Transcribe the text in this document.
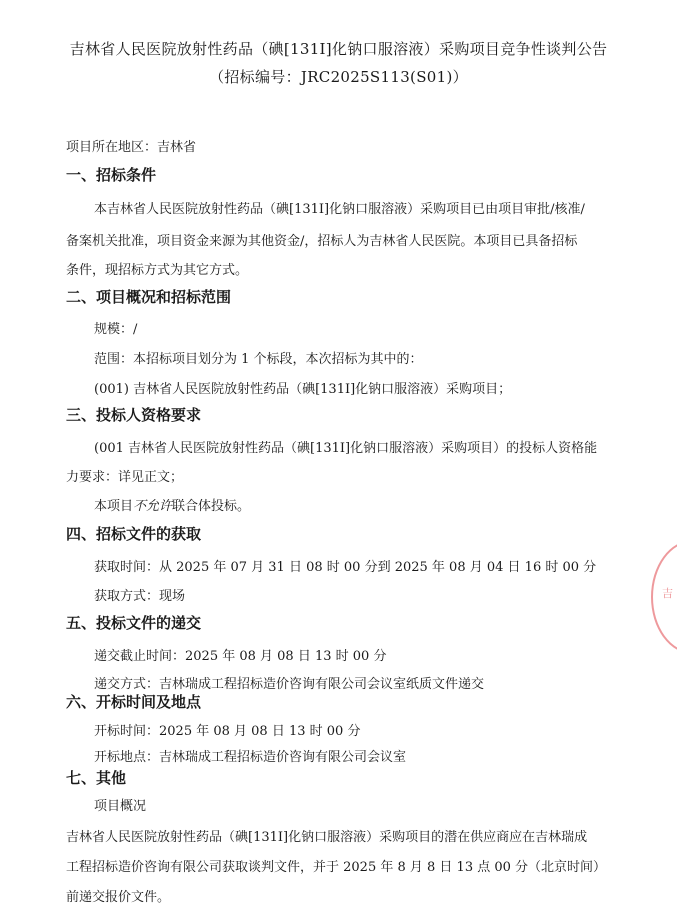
吉林省人民医院放射性药品（碘[131I]化钠口服溶液）采购项目竞争性谈判公告
（招标编号：JRC2025S113(S01)）
项目所在地区：吉林省
一、招标条件
本吉林省人民医院放射性药品（碘[131I]化钠口服溶液）采购项目已由项目审批/核准/
备案机关批准，项目资金来源为其他资金/，招标人为吉林省人民医院。本项目已具备招标
条件，现招标方式为其它方式。
二、项目概况和招标范围
规模：/
范围：本招标项目划分为 1 个标段，本次招标为其中的：
(001) 吉林省人民医院放射性药品（碘[131I]化钠口服溶液）采购项目；
三、投标人资格要求
(001 吉林省人民医院放射性药品（碘[131I]化钠口服溶液）采购项目）的投标人资格能
力要求：详见正文；
本项目不允许联合体投标。
四、招标文件的获取
获取时间：从 2025 年 07 月 31 日 08 时 00 分到 2025 年 08 月 04 日 16 时 00 分
获取方式：现场
五、投标文件的递交
递交截止时间：2025 年 08 月 08 日 13 时 00 分
递交方式：吉林瑞成工程招标造价咨询有限公司会议室纸质文件递交
六、开标时间及地点
开标时间：2025 年 08 月 08 日 13 时 00 分
开标地点：吉林瑞成工程招标造价咨询有限公司会议室
七、其他
项目概况
吉林省人民医院放射性药品（碘[131I]化钠口服溶液）采购项目的潜在供应商应在吉林瑞成
工程招标造价咨询有限公司获取谈判文件，并于 2025 年 8 月 8 日 13 点 00 分（北京时间）
前递交报价文件。
吉
